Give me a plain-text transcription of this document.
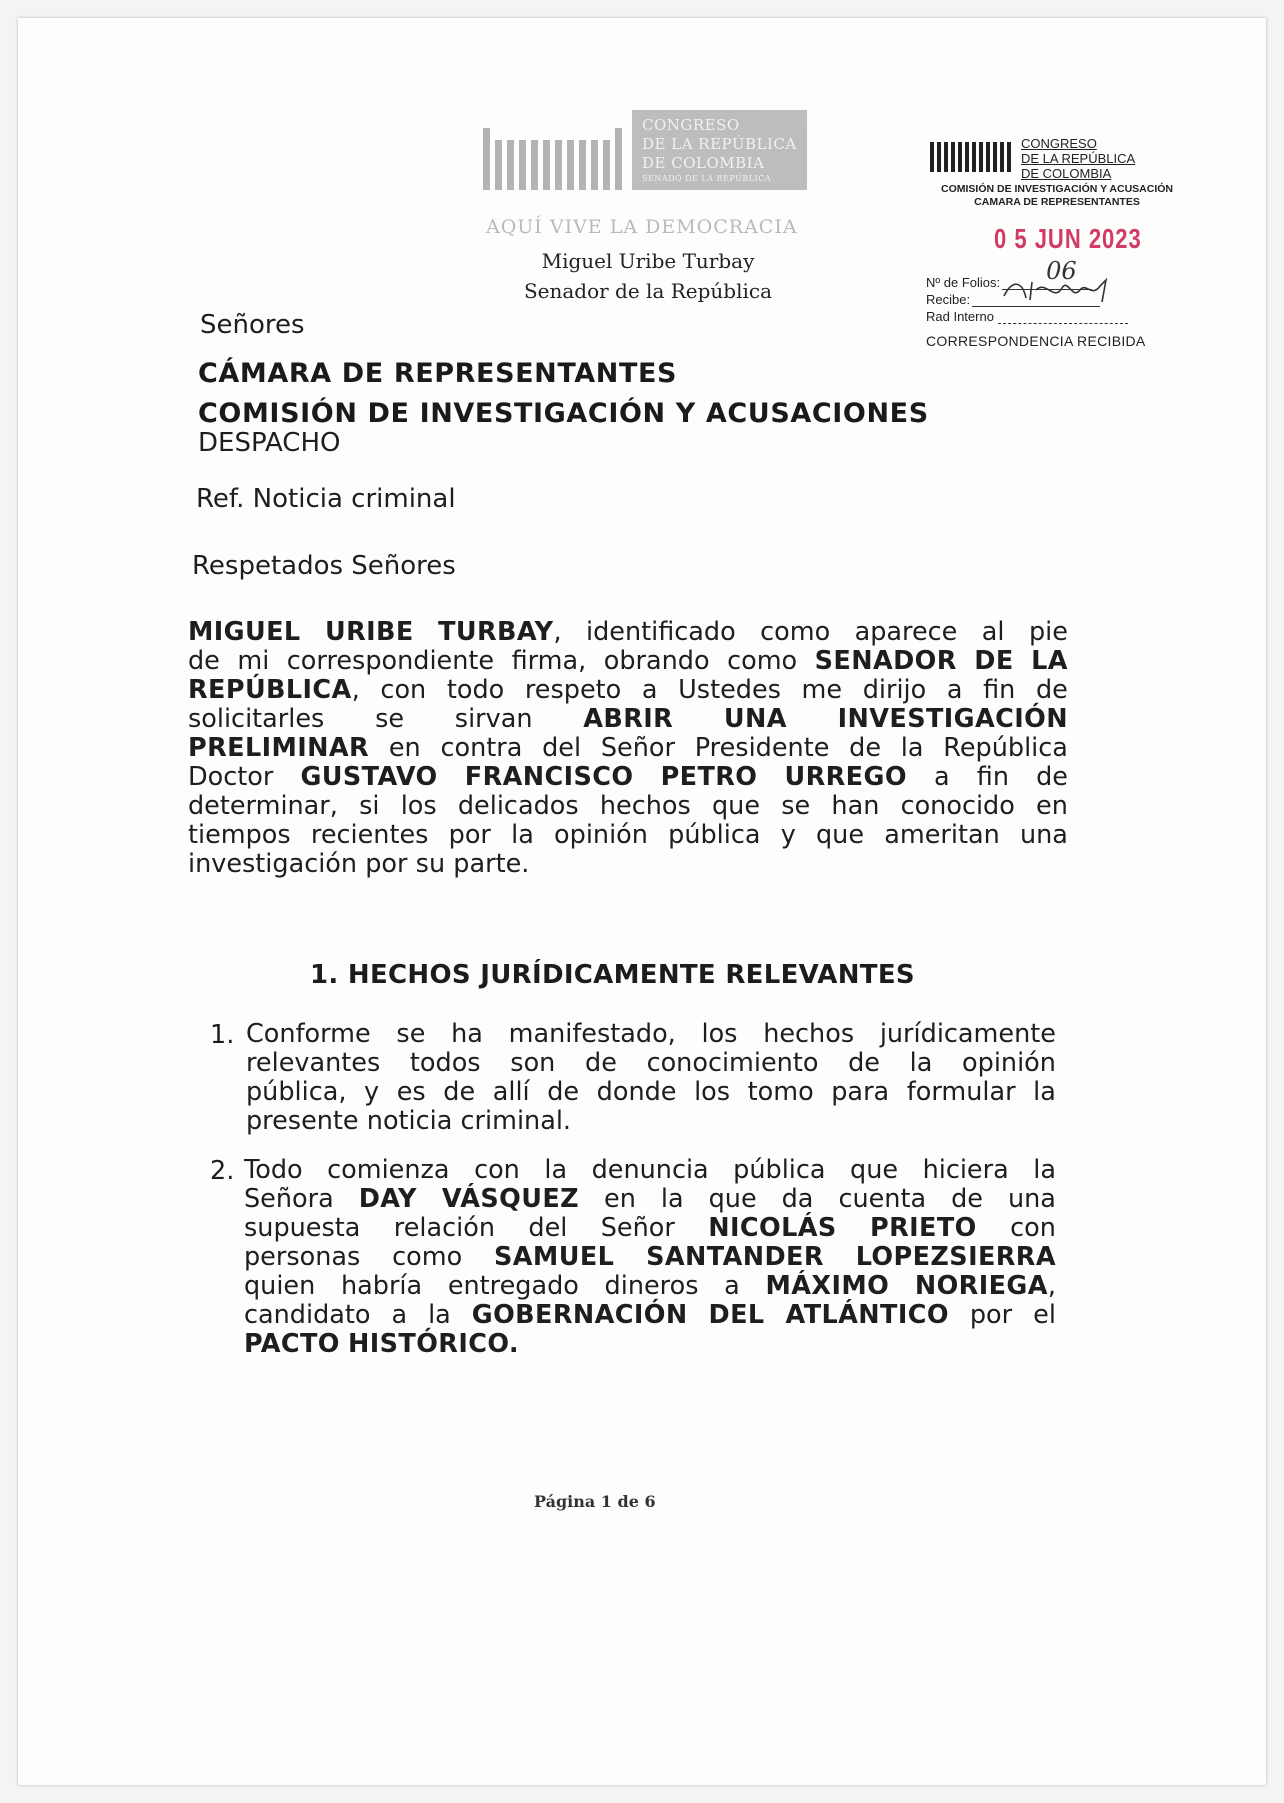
CONGRESO
DE LA REPÚBLICA
DE COLOMBIA
SENADO DE LA REPÚBLICA
AQUÍ VIVE LA DEMOCRACIA
Miguel Uribe Turbay
Senador de la República
CONGRESO
DE LA REPÚBLICA
DE COLOMBIA
COMISIÓN DE INVESTIGACIÓN Y ACUSACIÓN
CAMARA DE REPRESENTANTES
0 5 JUN 2023
Nº de Folios: 06
Recibe:
Rad Interno
CORRESPONDENCIA RECIBIDA
Señores
CÁMARA DE REPRESENTANTES
COMISIÓN DE INVESTIGACIÓN Y ACUSACIONES
DESPACHO
Ref. Noticia criminal
Respetados Señores
MIGUEL URIBE TURBAY, identificado como aparece al pie
de mi correspondiente firma, obrando como SENADOR DE LA
REPÚBLICA, con todo respeto a Ustedes me dirijo a fin de
solicitarles se sirvan ABRIR UNA INVESTIGACIÓN
PRELIMINAR en contra del Señor Presidente de la República
Doctor GUSTAVO FRANCISCO PETRO URREGO a fin de
determinar, si los delicados hechos que se han conocido en
tiempos recientes por la opinión pública y que ameritan una
investigación por su parte.
1. HECHOS JURÍDICAMENTE RELEVANTES
1. Conforme se ha manifestado, los hechos jurídicamente
relevantes todos son de conocimiento de la opinión
pública, y es de allí de donde los tomo para formular la
presente noticia criminal.
2. Todo comienza con la denuncia pública que hiciera la
Señora DAY VÁSQUEZ en la que da cuenta de una
supuesta relación del Señor NICOLÁS PRIETO con
personas como SAMUEL SANTANDER LOPEZSIERRA
quien habría entregado dineros a MÁXIMO NORIEGA,
candidato a la GOBERNACIÓN DEL ATLÁNTICO por el
PACTO HISTÓRICO.
Página 1 de 6
